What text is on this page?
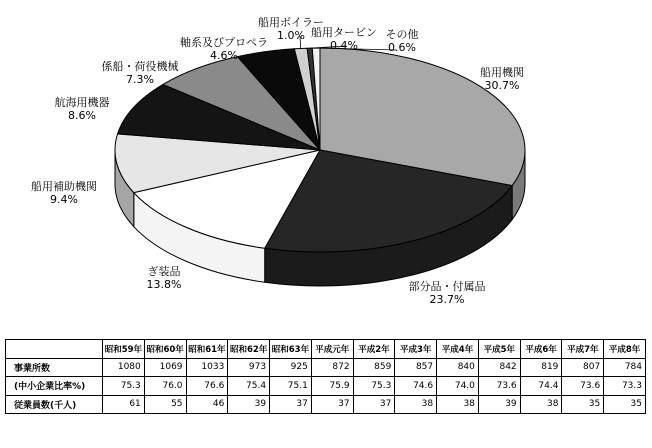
船用機関
30.7%
部分品・付属品
23.7%
ぎ装品
13.8%
船用補助機関
9.4%
航海用機器
8.6%
係船・荷役機械
7.3%
軸系及びプロペラ
4.6%
船用ボイラー
1.0% 船用タービン
0.4%
その他
0.6%
	昭和59年	昭和60年	昭和61年	昭和62年	昭和63年	平成元年	平成2年	平成3年	平成4年	平成5年	平成6年	平成7年	平成8年
事業所数	1080	1069	1033	973	925	872	859	857	840	842	819	807	784
(中小企業比率%)	75.3	76.0	76.6	75.4	75.1	75.9	75.3	74.6	74.0	73.6	74.4	73.6	73.3
従業員数(千人)	61	55	46	39	37	37	37	38	38	39	38	35	35
